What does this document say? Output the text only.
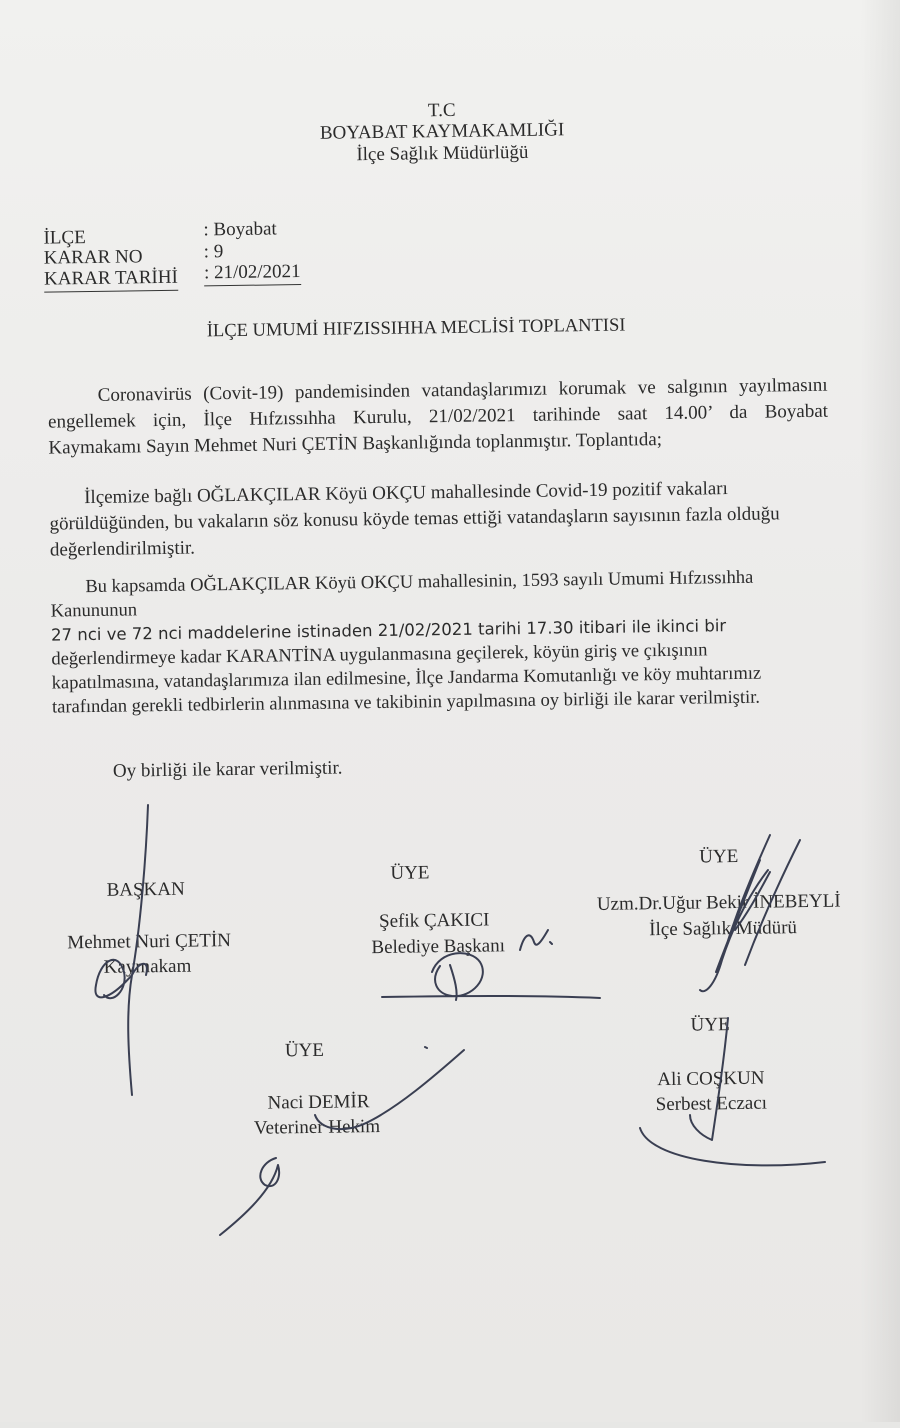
T.C
BOYABAT KAYMAKAMLIĞI
İlçe Sağlık Müdürlüğü
İLÇE	: Boyabat
KARAR NO	: 9
KARAR TARİHİ : 21/02/2021
İLÇE UMUMİ HIFZISSIHHA MECLİSİ TOPLANTISI

Coronavirüs (Covit-19) pandemisinden vatandaşlarımızı korumak ve salgının yayılmasını

engellemek için, İlçe Hıfzıssıhha Kurulu, 21/02/2021 tarihinde saat 14.00’ da Boyabat

Kaymakamı Sayın Mehmet Nuri ÇETİN Başkanlığında toplanmıştır. Toplantıda;

İlçemize bağlı OĞLAKÇILAR Köyü OKÇU mahallesinde Covid-19 pozitif vakaları

görüldüğünden, bu vakaların söz konusu köyde temas ettiği vatandaşların sayısının fazla olduğu

değerlendirilmiştir.

Bu kapsamda OĞLAKÇILAR Köyü OKÇU mahallesinin, 1593 sayılı Umumi Hıfzıssıhha

Kanununun

27 nci ve 72 nci maddelerine istinaden 21/02/2021 tarihi 17.30 itibari ile ikinci bir

değerlendirmeye kadar KARANTİNA uygulanmasına geçilerek, köyün giriş ve çıkışının

kapatılmasına, vatandaşlarımıza ilan edilmesine, İlçe Jandarma Komutanlığı ve köy muhtarımız

tarafından gerekli tedbirlerin alınmasına ve takibinin yapılmasına oy birliği ile karar verilmiştir.

Oy birliği ile karar verilmiştir.
BAŞKAN
Mehmet Nuri ÇETİN
Kaymakam
ÜYE
Şefik ÇAKICI
Belediye Başkanı
ÜYE
Uzm.Dr.Uğur Bekir İNEBEYLİ
İlçe Sağlık Müdürü
ÜYE
Naci DEMİR
Veteriner Hekim
ÜYE
Ali COŞKUN
Serbest Eczacı
